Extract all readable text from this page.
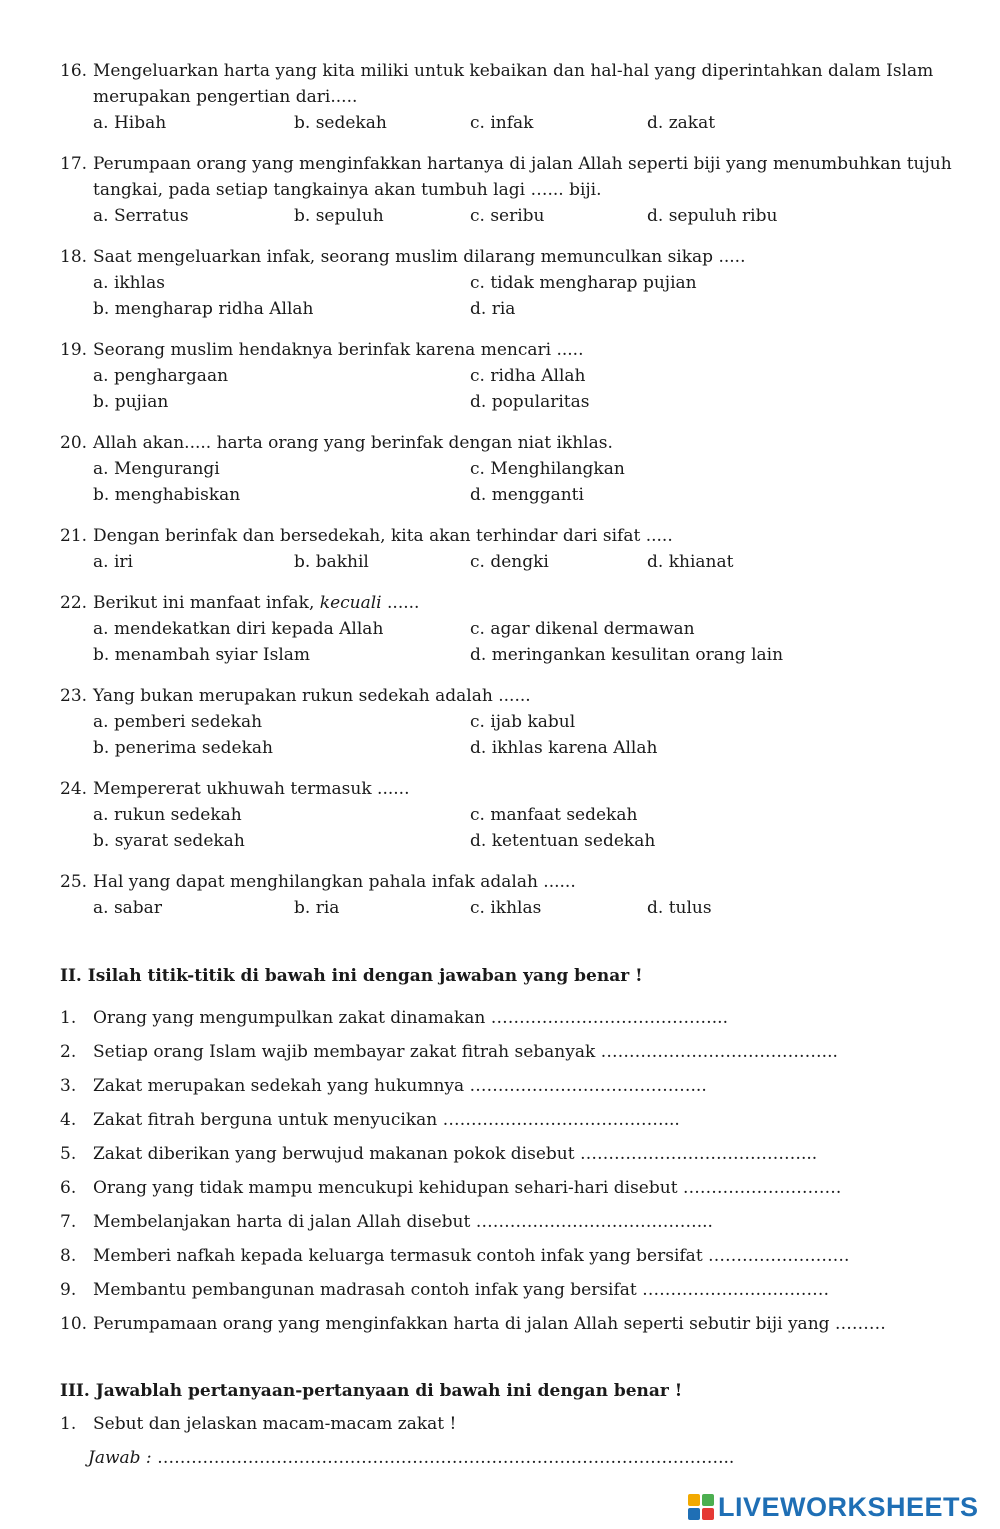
16. Mengeluarkan harta yang kita miliki untuk kebaikan dan hal-hal yang diperintahkan dalam Islam merupakan pengertian dari.....
a. Hibah	b. sedekah	c. infak	d. zakat
17. Perumpaan orang yang menginfakkan hartanya di jalan Allah seperti biji yang menumbuhkan tujuh tangkai, pada setiap tangkainya akan tumbuh lagi …... biji.
a. Serratus	b. sepuluh	c. seribu	d. sepuluh ribu
18. Saat mengeluarkan infak, seorang muslim dilarang memunculkan sikap .....
a. ikhlas	c. tidak mengharap pujian
b. mengharap ridha Allah	d. ria
19. Seorang muslim hendaknya berinfak karena mencari .....
a. penghargaan	c. ridha Allah
b. pujian	d. popularitas
20. Allah akan..... harta orang yang berinfak dengan niat ikhlas.
a. Mengurangi	c. Menghilangkan
b. menghabiskan	d. mengganti
21. Dengan berinfak dan bersedekah, kita akan terhindar dari sifat .....
a. iri	b. bakhil	c. dengki	d. khianat
22. Berikut ini manfaat infak, kecuali ......
a. mendekatkan diri kepada Allah	c. agar dikenal dermawan
b. menambah syiar Islam	d. meringankan kesulitan orang lain
23. Yang bukan merupakan rukun sedekah adalah ......
a. pemberi sedekah	c. ijab kabul
b. penerima sedekah	d. ikhlas karena Allah
24. Mempererat ukhuwah termasuk ......
a. rukun sedekah	c. manfaat sedekah
b. syarat sedekah	d. ketentuan sedekah
25. Hal yang dapat menghilangkan pahala infak adalah ......
a. sabar	b. ria	c. ikhlas	d. tulus
II. Isilah titik-titik di bawah ini dengan jawaban yang benar !
1. Orang yang mengumpulkan zakat dinamakan …………………………………...
2. Setiap orang Islam wajib membayar zakat fitrah sebanyak …………………………………...
3. Zakat merupakan sedekah yang hukumnya …………………………………...
4. Zakat fitrah berguna untuk menyucikan …………………………………...
5. Zakat diberikan yang berwujud makanan pokok disebut …………………………………...
6. Orang yang tidak mampu mencukupi kehidupan sehari-hari disebut ……………………….
7. Membelanjakan harta di jalan Allah disebut …………………………………...
8. Memberi nafkah kepada keluarga termasuk contoh infak yang bersifat …………………….
9. Membantu pembangunan madrasah contoh infak yang bersifat ……………………………
10. Perumpamaan orang yang menginfakkan harta di jalan Allah seperti sebutir biji yang ………
III. Jawablah pertanyaan-pertanyaan di bawah ini dengan benar !
1. Sebut dan jelaskan macam-macam zakat !
Jawab : ………………………………………………………………………………………...
LIVEWORKSHEETS
